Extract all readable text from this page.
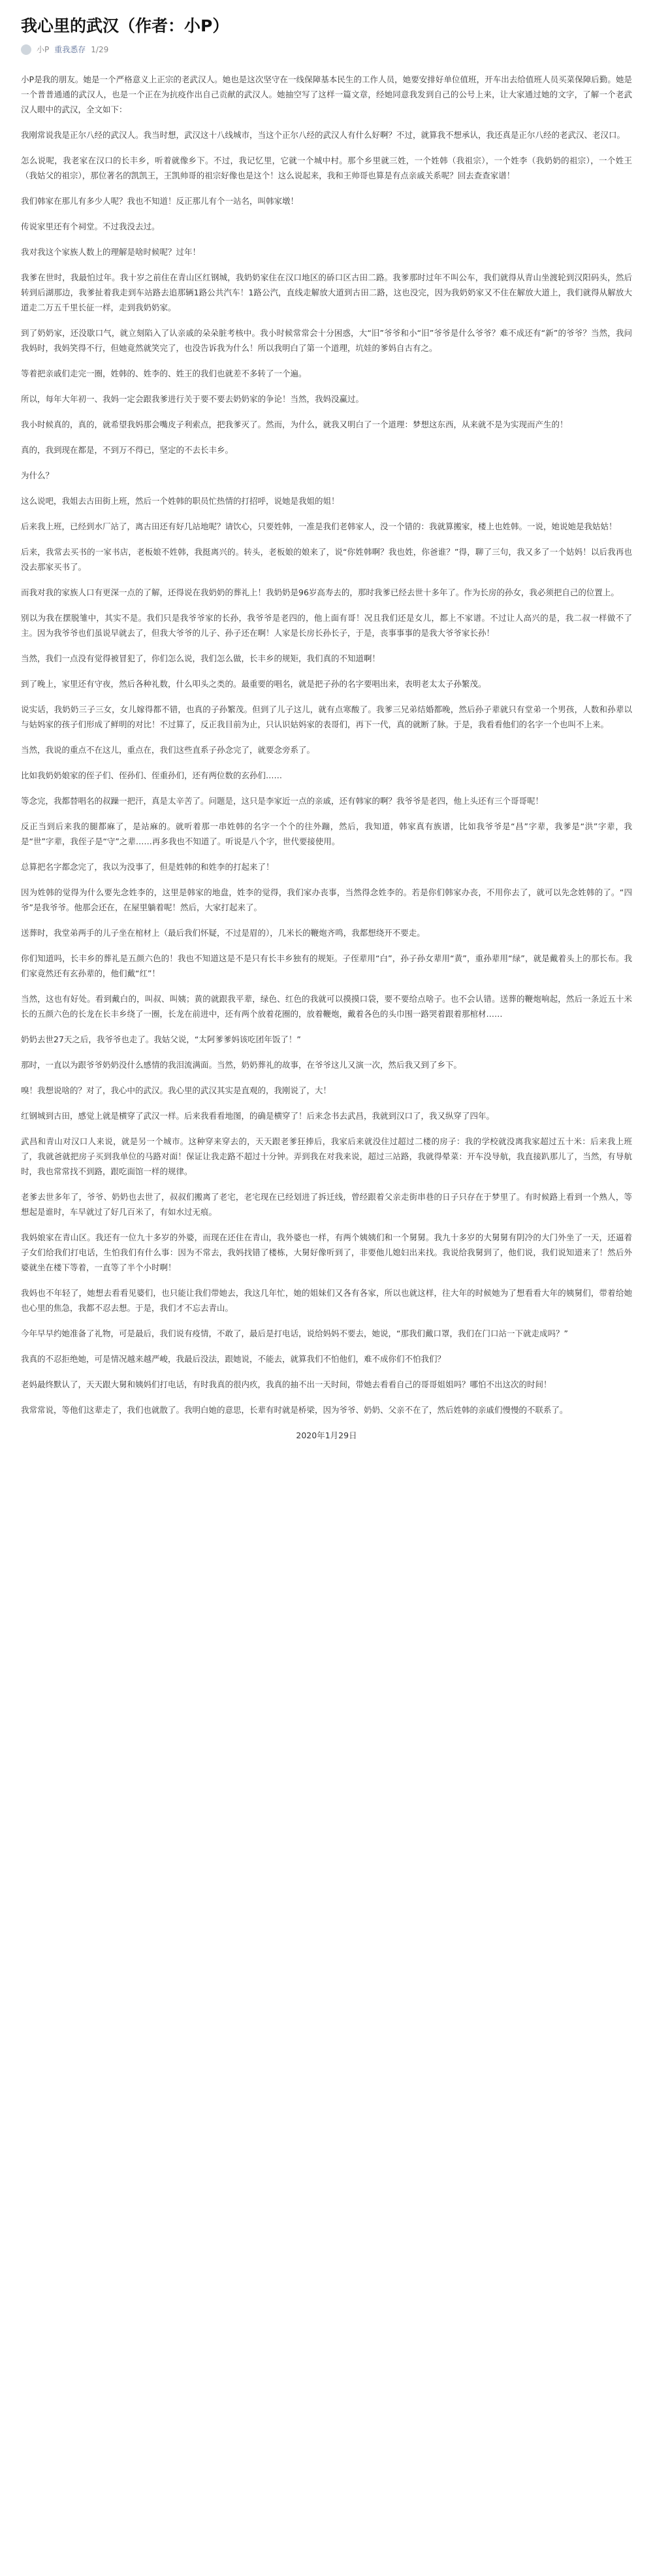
我心里的武汉（作者：小P）
小P 重我悉存 1/29

小P是我的朋友。她是一个严格意义上正宗的老武汉人。她也是这次坚守在一线保障基本民生的工作人员，她要安排好单位值班，开车出去给值班人员买菜保障后勤。她是一个普普通通的武汉人，也是一个正在为抗疫作出自己贡献的武汉人。她抽空写了这样一篇文章，经她同意我发到自己的公号上来，让大家通过她的文字，了解一个老武汉人眼中的武汉，全文如下：

我刚常说我是正尔八经的武汉人。我当时想，武汉这十八线城市，当这个正尔八经的武汉人有什么好啊？不过，就算我不想承认，我还真是正尔八经的老武汉、老汉口。

怎么说呢，我老家在汉口的长丰乡，听着就像乡下。不过，我记忆里，它就一个城中村。那个乡里就三姓，一个姓韩（我祖宗），一个姓李（我奶奶的祖宗），一个姓王（我姑父的祖宗），那位著名的凯凯王，王凯帅哥的祖宗好像也是这个！这么说起来，我和王帅哥也算是有点亲戚关系呢？回去查查家谱！

我们韩家在那儿有多少人呢？我也不知道！反正那儿有个一站名，叫韩家墩！

传说家里还有个祠堂。不过我没去过。

我对我这个家族人数上的理解是啥时候呢？过年！

我爹在世时，我最怕过年。我十岁之前住在青山区红钢城，我奶奶家住在汉口地区的硚口区古田二路。我爹那时过年不叫公车，我们就得从青山坐渡轮到汉阳码头，然后转到后湖那边，我爹扯着我走到车站路去追那辆1路公共汽车！1路公汽，直线走解放大道到古田二路，这也没完，因为我奶奶家又不住在解放大道上，我们就得从解放大道走二万五千里长征一样，走到我奶奶家。

到了奶奶家，还没歇口气，就立刻陷入了认亲戚的朵朵脏考核中。我小时候常常会十分困惑，大“旧”爷爷和小“旧”爷爷是什么爷爷？难不成还有“新”的爷爷？当然，我问我妈时，我妈笑得不行，但她竟然就笑完了，也没告诉我为什么！所以我明白了第一个道理，坑娃的爹妈自古有之。

等着把亲戚们走完一圈，姓韩的、姓李的、姓王的我们也就差不多转了一个遍。

所以，每年大年初一、我妈一定会跟我爹进行关于要不要去奶奶家的争论！当然，我妈没赢过。

我小时候真的，真的，就希望我妈那会嘴皮子利索点，把我爹灭了。然而，为什么，就我又明白了一个道理：梦想这东西，从来就不是为实现而产生的！

真的，我到现在都是，不到万不得已，坚定的不去长丰乡。

为什么？

这么说吧，我姐去古田街上班，然后一个姓韩的职员忙热情的打招呼，说她是我姐的姐！

后来我上班，已经到水厂站了，离古田还有好几站地呢？请饮心，只要姓韩，一准是我们老韩家人，没一个错的：我就算搬家，楼上也姓韩。一说，她说她是我姑姑！

后来，我常去买书的一家书店，老板娘不姓韩，我挺离兴的。转头，老板娘的娘来了，说“你姓韩啊？我也姓，你爸谁？”得，聊了三句，我又多了一个姑妈！以后我再也没去那家买书了。

而我对我的家族人口有更深一点的了解，还得说在我奶奶的葬礼上！我奶奶是96岁高寿去的，那时我爹已经去世十多年了。作为长房的孙女，我必须把自己的位置上。

别以为我在摆脱雏中，其实不是。我们只是我爷爷家的长孙，我爷爷是老四的，他上面有哥！况且我们还是女儿，都上不家谱。不过让人高兴的是，我二叔一样做不了主。因为我爷爷也们虽说早就去了，但我大爷爷的儿子、孙子还在啊！人家是长房长孙长子，于是，丧事事事的是我大爷爷家长孙！

当然，我们一点没有觉得被冒犯了，你们怎么说，我们怎么做，长丰乡的规矩，我们真的不知道啊！

到了晚上，家里还有守夜，然后各种礼数，什么叩头之类的。最重要的唱名，就是把子孙的名字要唱出来，表明老太太子孙繁茂。

说实话，我奶奶三子三女，女儿嫁得都不错，也真的子孙繁茂。但到了儿子这儿，就有点寒酸了。我爹三兄弟结婚都晚，然后孙子辈就只有堂弟一个男孩，人数和孙辈以与姑妈家的孩子们形成了鲜明的对比！不过算了，反正我目前为止，只认识姑妈家的表哥们，再下一代，真的就断了脉。于是，我看看他们的名字一个也叫不上来。

当然，我说的重点不在这儿，重点在，我们这些直系子孙念完了，就要念旁系了。

比如我奶奶娘家的侄子们、侄孙们、侄重孙们，还有两位数的玄孙们……

等念完，我都替唱名的叔躁一把汗，真是太辛苦了。问题是，这只是李家近一点的亲戚，还有韩家的啊？我爷爷是老四，他上头还有三个哥哥呢！

反正当到后来我的腿都麻了，是站麻的。就听着那一串姓韩的名字一个个的往外蹦，然后，我知道，韩家真有族谱，比如我爷爷是“昌”字辈，我爹是“洪”字辈，我是“世”字辈，我侄子是“守”之辈……再多我也不知道了。听说是八个字，世代要接使用。

总算把名字都念完了，我以为没事了，但是姓韩的和姓李的打起来了！

因为姓韩的觉得为什么要先念姓李的，这里是韩家的地盘，姓李的觉得，我们家办丧事，当然得念姓李的。若是你们韩家办丧，不用你去了，就可以先念姓韩的了。“四爷”是我爷爷。他那会还在，在屋里躺着呢！然后，大家打起来了。

送葬时，我堂弟两手的儿子坐在棺材上（最后我们怀疑，不过是眉的），几米长的鞭炮齐鸣，我都想绕开不要走。

你们知道吗，长丰乡的葬礼是五颜六色的！我也不知道这是不是只有长丰乡独有的规矩。子侄辈用“白”，孙子孙女辈用“黄”，重孙辈用“绿”，就是戴着头上的那长布。我们家竟然还有玄孙辈的，他们戴“红”！

当然，这也有好处。看到戴白的，叫叔、叫姨；黄的就跟我平辈，绿色、红色的我就可以摸摸口袋，要不要给点啥子。也不会认错。送葬的鞭炮响起，然后一条近五十米长的五颜六色的长龙在长丰乡绕了一圈，长龙在前进中，还有两个放着花圈的，放着鞭炮，戴着各色的头巾围一路哭着跟着那棺材……

奶奶去世27天之后，我爷爷也走了。我姑父说，“太阿爹爹妈该吃团年饭了！”

那时，一直以为跟爷爷奶奶没什么感情的我泪流满面。当然，奶奶葬礼的故事，在爷爷这儿又演一次，然后我又到了乡下。

嗅！我想说啥的？对了，我心中的武汉。我心里的武汉其实是直观的，我刚说了，大！

红钢城到古田，感觉上就是横穿了武汉一样。后来我看看地图，的确是横穿了！后来念书去武昌，我就到汉口了，我又纵穿了四年。

武昌和青山对汉口人来说，就是另一个城市。这种穿来穿去的，天天跟老爹狂捧后，我家后来就没住过超过二楼的房子：我的学校就没离我家超过五十米：后来我上班了，我就爸就把房子买到我单位的马路对面！保证让我走路不超过十分钟。弄到我在对我来说，超过三站路，我就得晕菜：开车没导航，我直接趴那儿了，当然，有导航时，我也常常找不到路，跟吃面馆一样的规律。

老爹去世多年了，爷爷、奶奶也去世了，叔叔们搬离了老宅，老宅现在已经划进了拆迁线，曾经跟着父亲走街串巷的日子只存在于梦里了。有时候路上看到一个熟人，等想起是谁时，车早就过了好几百米了，有如水过无痕。

我妈娘家在青山区。我还有一位九十多岁的外婆，而现在还住在青山，我外婆也一样，有两个姨姨们和一个舅舅。我九十多岁的大舅舅有阴冷的大门外坐了一天，还逼着子女们给我们打电话，生怕我们有什么事：因为不常去，我妈找错了楼栋，大舅好像听到了，非要他儿媳妇出来找。我说给我舅到了，他们说，我们说知道来了！然后外婆就坐在楼下等着，一直等了半个小时啊！

我妈也不年轻了，她想去看看见婆们，也只能让我们带她去，我这几年忙，她的姐妹们又各有各家，所以也就这样，往大年的时候她为了想看看大年的姨舅们，带着给她也心里的焦急，我都不忍去想。于是，我们才不忘去青山。

今年早早约她准备了礼物，可是最后，我们说有疫情，不敢了，最后是打电话，说给妈妈不要去，她说，“那我们戴口罩，我们在门口站一下就走成吗？”

我真的不忍拒绝她，可是情况越来越严峻，我最后没法，跟她说，不能去，就算我们不怕他们，难不成你们不怕我们？

老妈最终默认了，天天跟大舅和姨妈们打电话，有时我真的很内疚，我真的抽不出一天时间，带她去看看自己的哥哥姐姐吗？哪怕不出这次的时间！

我常常说，等他们这辈走了，我们也就散了。我明白她的意思，长辈有时就是桥梁，因为爷爷、奶奶、父亲不在了，然后姓韩的亲戚们慢慢的不联系了。

2020年1月29日
